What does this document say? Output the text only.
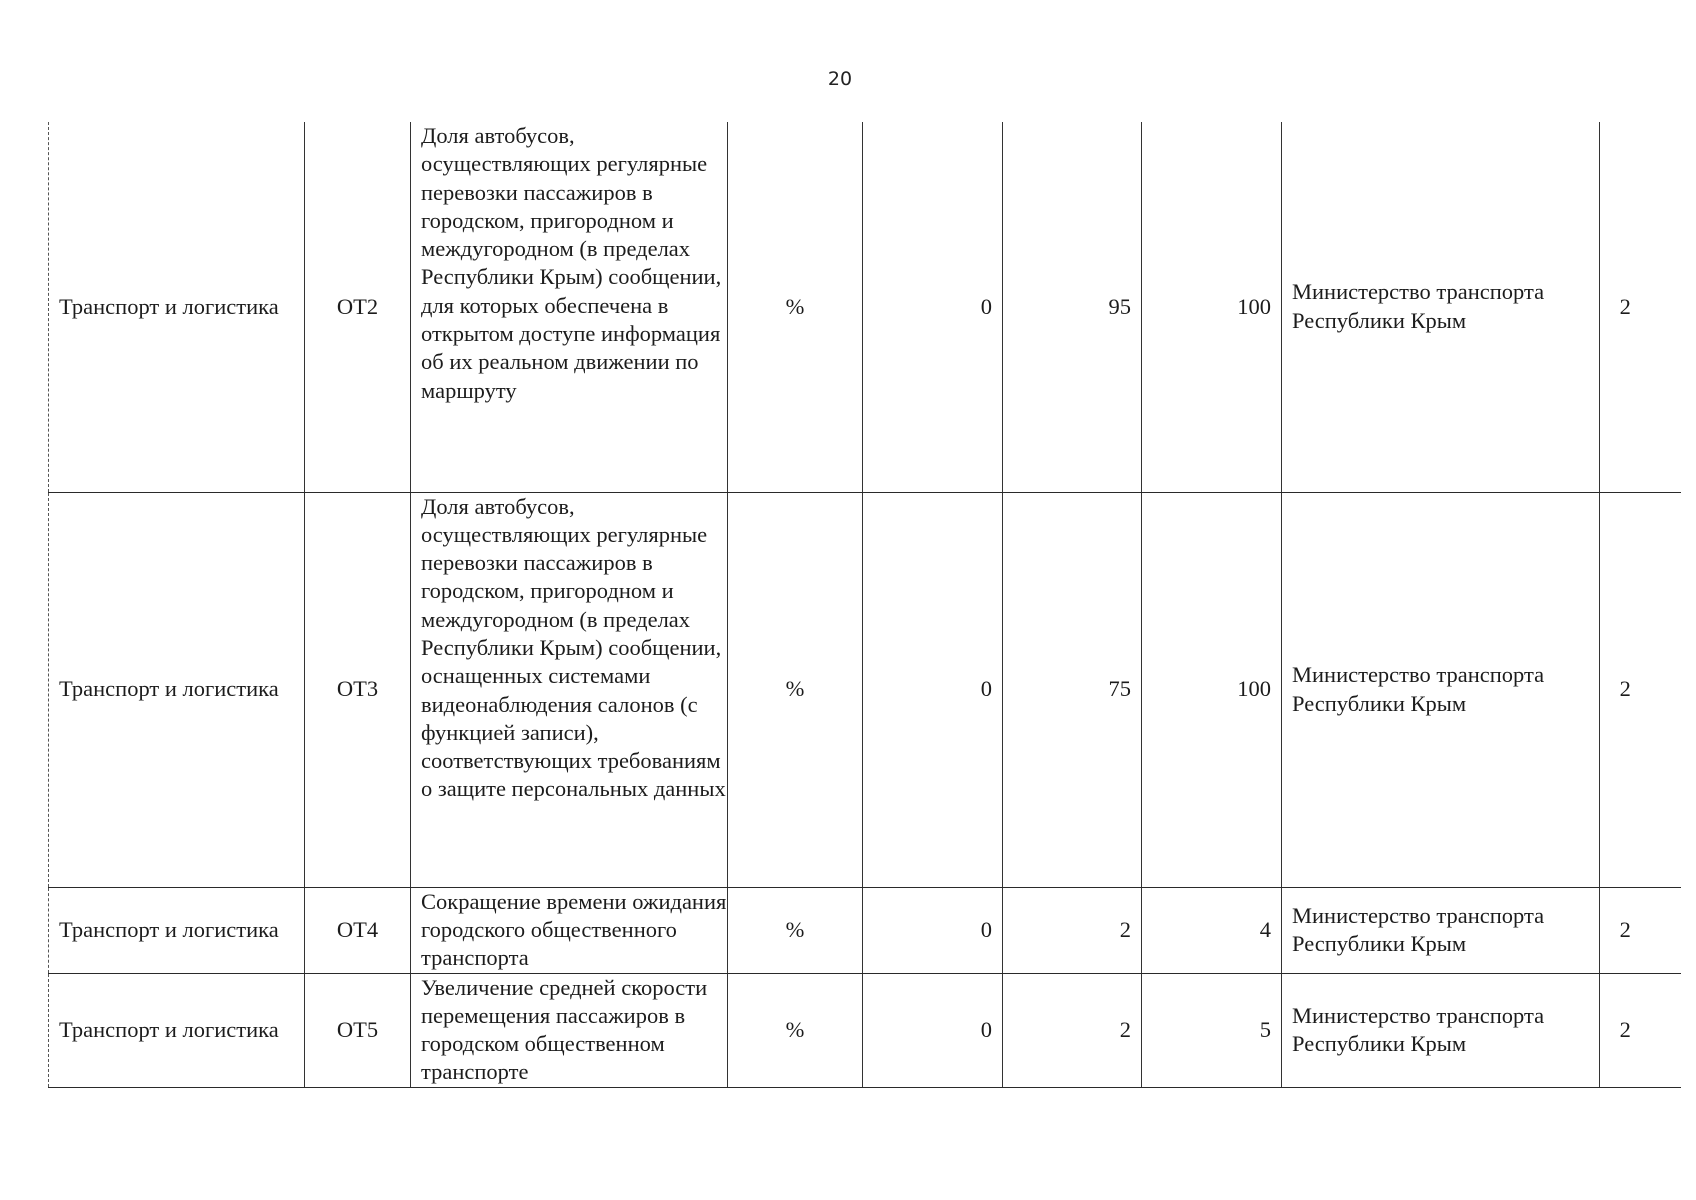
20
Транспорт и логистика	ОТ2	Доля автобусов, осуществляющих регулярные перевозки пассажиров в городском, пригородном и междугородном (в пределах Республики Крым) сообщении, для которых обеспечена в открытом доступе информация об их реальном движении по маршруту	%	0	95	100	Министерство транспорта Республики Крым	2
Транспорт и логистика	ОТ3	Доля автобусов, осуществляющих регулярные перевозки пассажиров в городском, пригородном и междугородном (в пределах Республики Крым) сообщении, оснащенных системами видеонаблюдения салонов (с функцией записи), соответствующих требованиям о защите персональных данных	%	0	75	100	Министерство транспорта Республики Крым	2
Транспорт и логистика	ОТ4	Сокращение времени ожидания городского общественного транспорта	%	0	2	4	Министерство транспорта Республики Крым	2
Транспорт и логистика	ОТ5	Увеличение средней скорости перемещения пассажиров в городском общественном транспорте	%	0	2	5	Министерство транспорта Республики Крым	2
